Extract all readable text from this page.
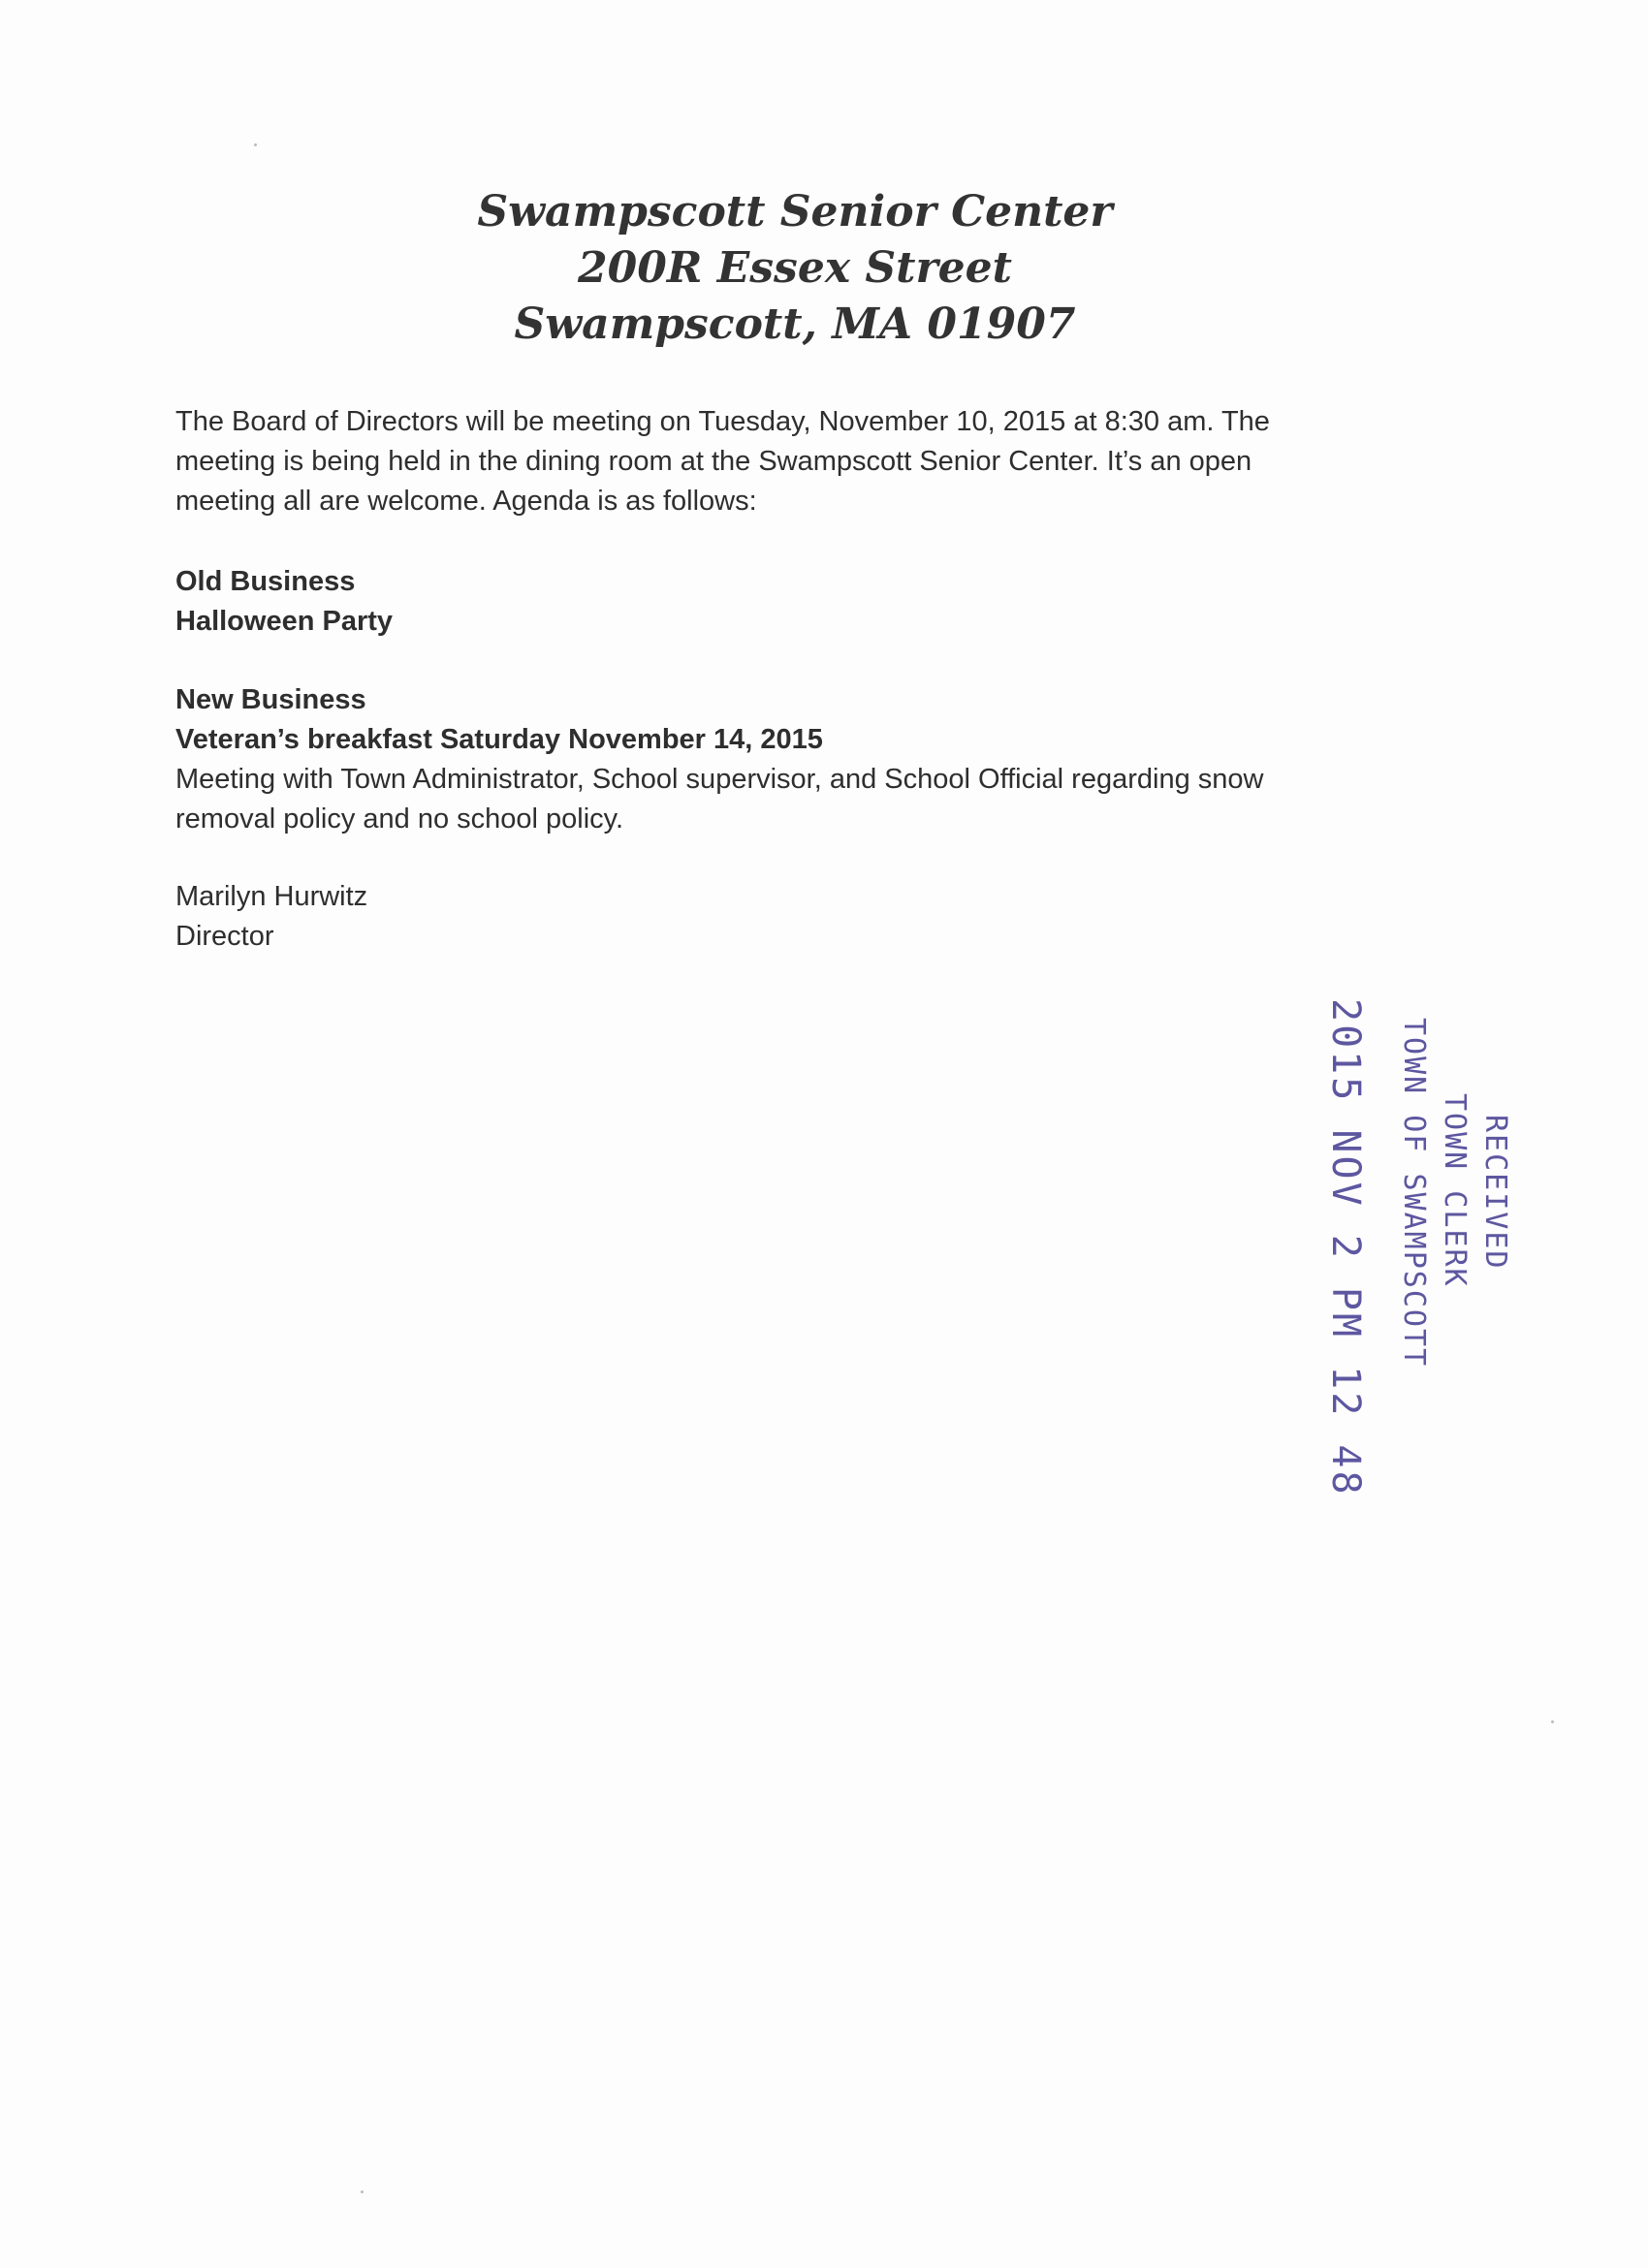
Swampscott Senior Center
200R Essex Street
Swampscott, MA 01907
The Board of Directors will be meeting on Tuesday, November 10, 2015 at 8:30 am. The
meeting is being held in the dining room at the Swampscott Senior Center. It’s an open
meeting all are welcome. Agenda is as follows:
Old Business
Halloween Party
New Business
Veteran’s breakfast Saturday November 14, 2015
Meeting with Town Administrator, School supervisor, and School Official regarding snow
removal policy and no school policy.
Marilyn Hurwitz
Director
RECEIVED
TOWN CLERK
TOWN OF SWAMPSCOTT
2015 NOV 2 PM 12 48
